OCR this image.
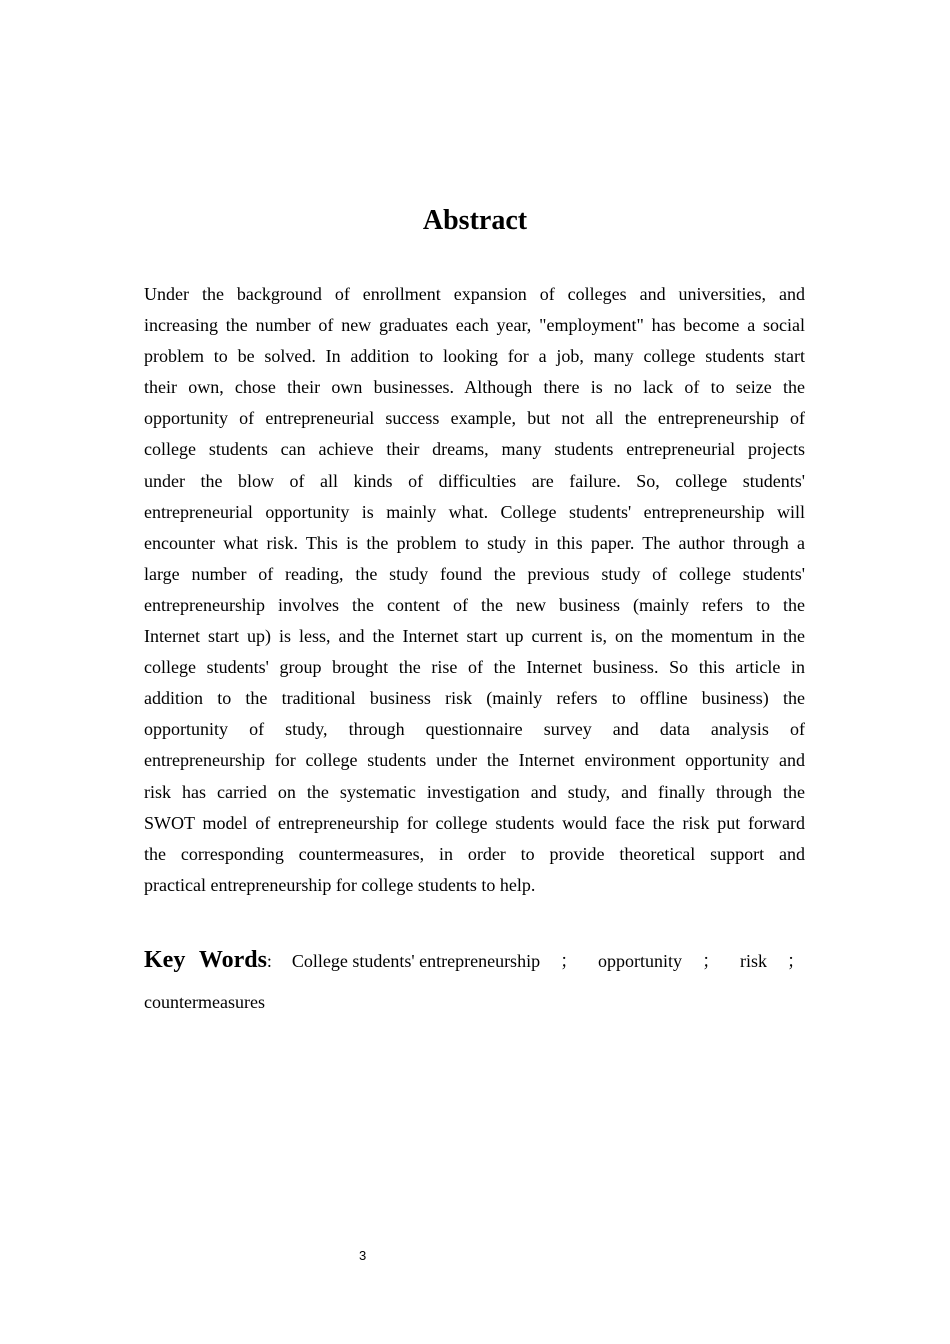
Abstract
Under the background of enrollment expansion of colleges and universities, and
increasing the number of new graduates each year, "employment" has become a social
problem to be solved. In addition to looking for a job, many college students start
their own, chose their own businesses. Although there is no lack of to seize the
opportunity of entrepreneurial success example, but not all the entrepreneurship of
college students can achieve their dreams, many students entrepreneurial projects
under the blow of all kinds of difficulties are failure. So, college students'
entrepreneurial opportunity is mainly what. College students' entrepreneurship will
encounter what risk. This is the problem to study in this paper. The author through a
large number of reading, the study found the previous study of college students'
entrepreneurship involves the content of the new business (mainly refers to the
Internet start up) is less, and the Internet start up current is, on the momentum in the
college students' group brought the rise of the Internet business. So this article in
addition to the traditional business risk (mainly refers to offline business) the
opportunity of study, through questionnaire survey and data analysis of
entrepreneurship for college students under the Internet environment opportunity and
risk has carried on the systematic investigation and study, and finally through the
SWOT model of entrepreneurship for college students would face the risk put forward
the corresponding countermeasures, in order to provide theoretical support and
practical entrepreneurship for college students to help.
Key Words: College students' entrepreneurship ； opportunity ； risk ；
countermeasures
3
